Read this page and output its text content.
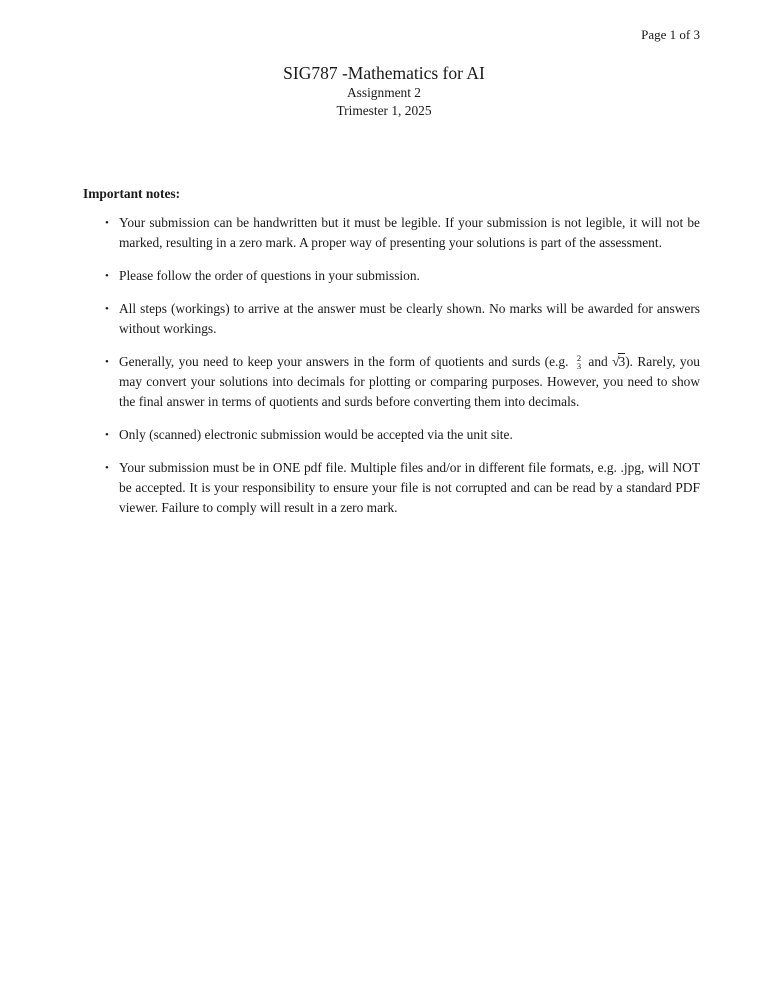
Page 1 of 3
SIG787 -Mathematics for AI
Assignment 2
Trimester 1, 2025
Important notes:
• Your submission can be handwritten but it must be legible. If your submission is not legible, it will not be marked, resulting in a zero mark. A proper way of presenting your solutions is part of the assessment.
• Please follow the order of questions in your submission.
• All steps (workings) to arrive at the answer must be clearly shown. No marks will be awarded for answers without workings.
• Generally, you need to keep your answers in the form of quotients and surds (e.g. 2
3 and √3). Rarely, you may convert your solutions into decimals for plotting or comparing purposes. However, you need to show the final answer in terms of quotients and surds before converting them into decimals.
• Only (scanned) electronic submission would be accepted via the unit site.
• Your submission must be in ONE pdf file. Multiple files and/or in different file formats, e.g. .jpg, will NOT be accepted. It is your responsibility to ensure your file is not corrupted and can be read by a standard PDF viewer. Failure to comply will result in a zero mark.
